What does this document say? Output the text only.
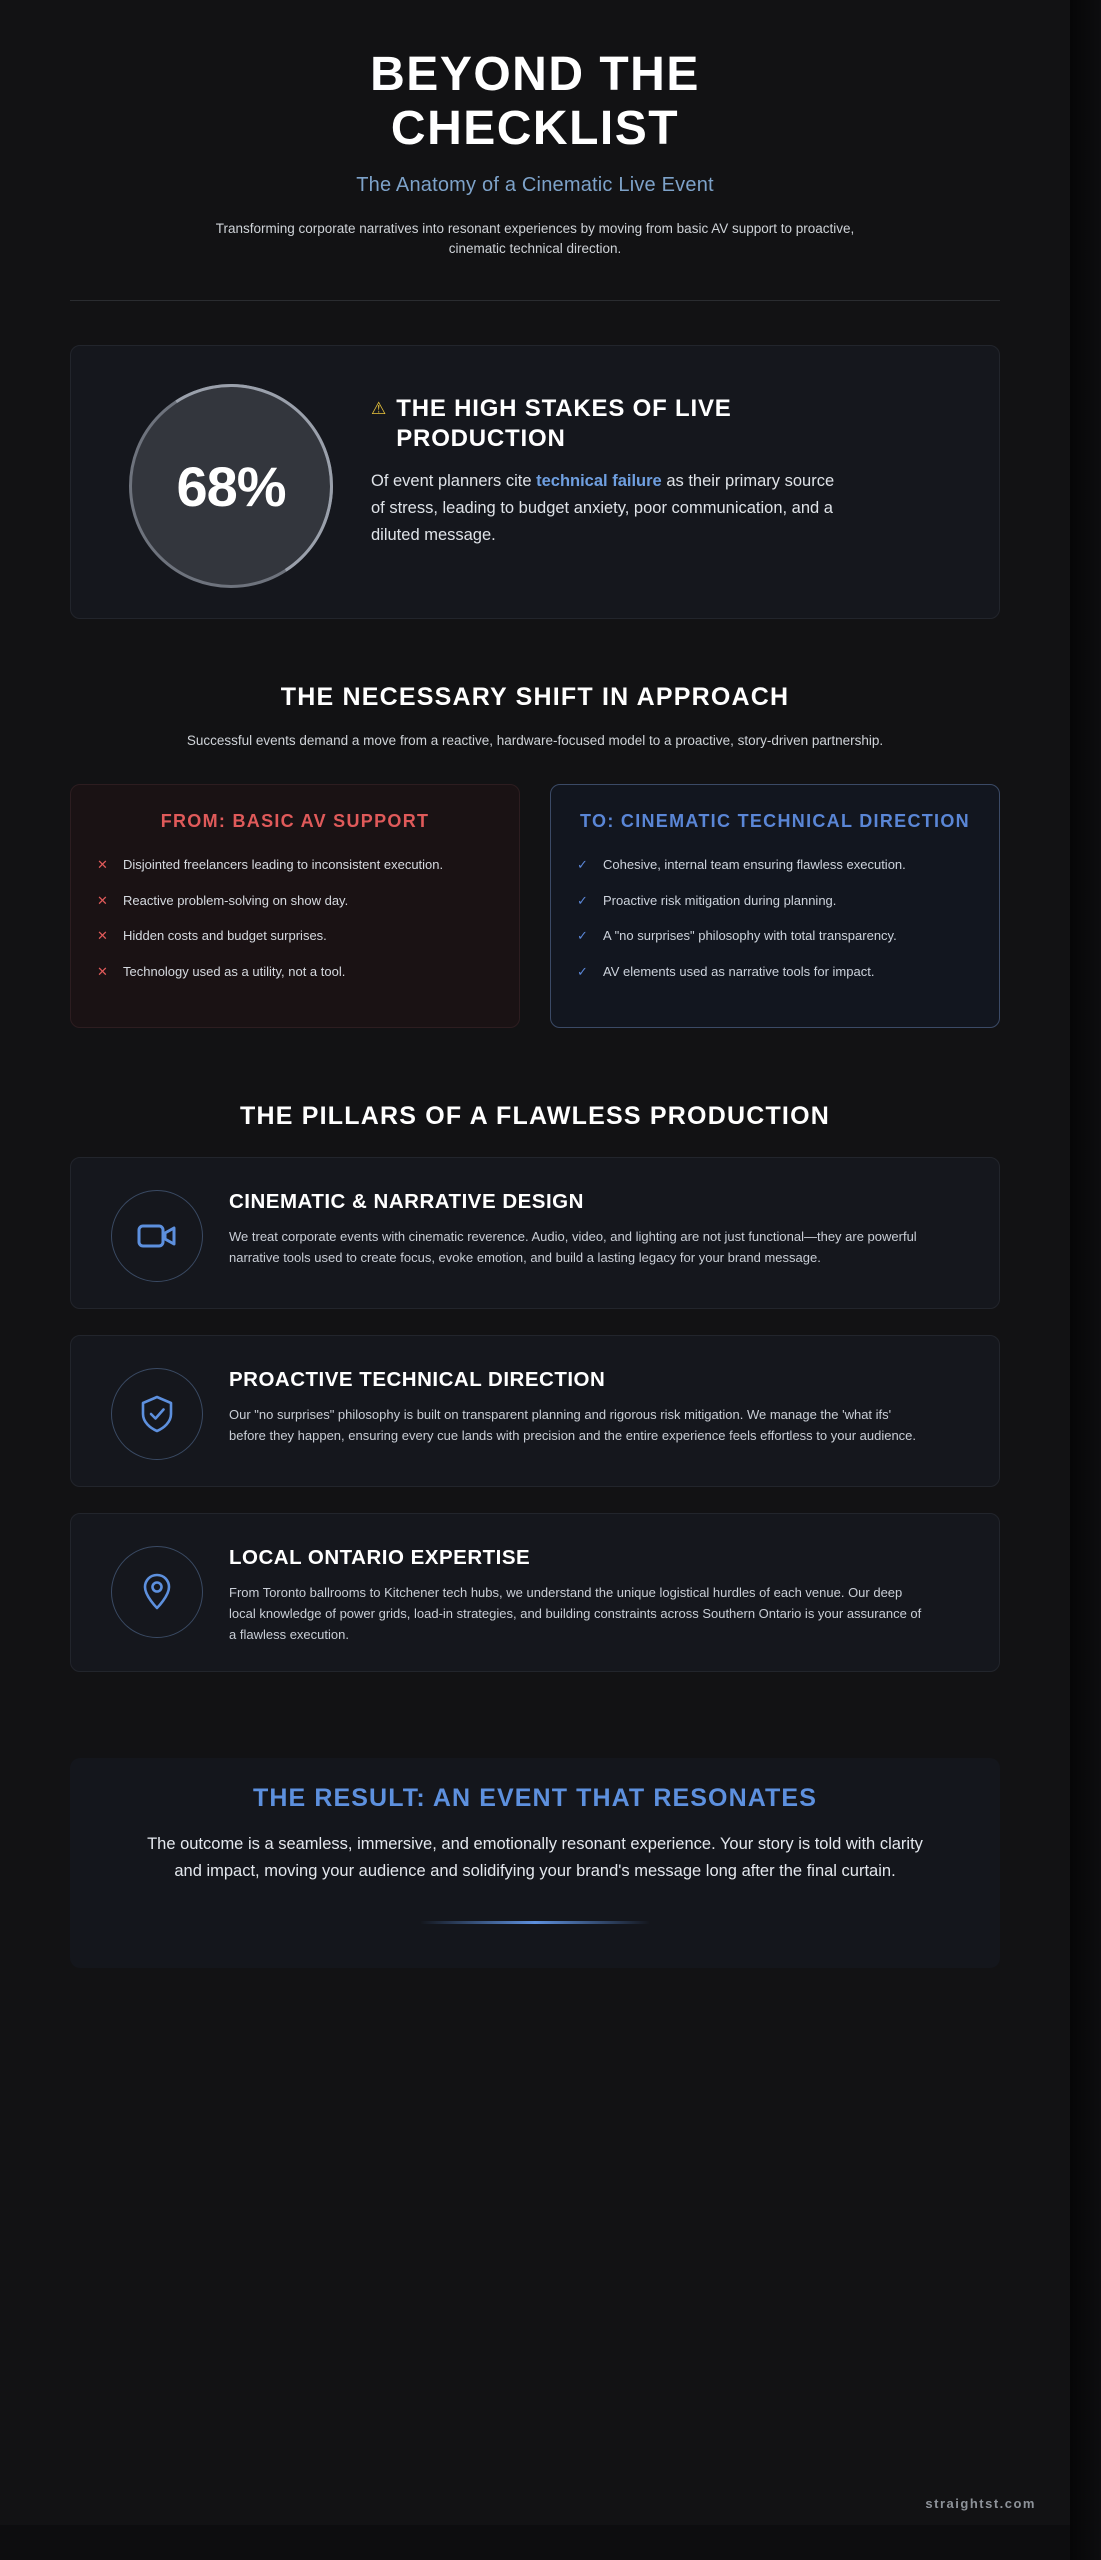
BEYOND THE CHECKLIST
The Anatomy of a Cinematic Live Event
Transforming corporate narratives into resonant experiences by moving from basic AV support to proactive, cinematic technical direction.
68%
⚠ THE HIGH STAKES OF LIVE PRODUCTION
Of event planners cite technical failure as their primary source of stress, leading to budget anxiety, poor communication, and a diluted message.
THE NECESSARY SHIFT IN APPROACH
Successful events demand a move from a reactive, hardware-focused model to a proactive, story-driven partnership.
FROM: BASIC AV SUPPORT
✕ Disjointed freelancers leading to inconsistent execution.
✕ Reactive problem-solving on show day.
✕ Hidden costs and budget surprises.
✕ Technology used as a utility, not a tool.
TO: CINEMATIC TECHNICAL DIRECTION
✓ Cohesive, internal team ensuring flawless execution.
✓ Proactive risk mitigation during planning.
✓ A "no surprises" philosophy with total transparency.
✓ AV elements used as narrative tools for impact.
THE PILLARS OF A FLAWLESS PRODUCTION
CINEMATIC & NARRATIVE DESIGN
We treat corporate events with cinematic reverence. Audio, video, and lighting are not just functional—they are powerful narrative tools used to create focus, evoke emotion, and build a lasting legacy for your brand message.
PROACTIVE TECHNICAL DIRECTION
Our "no surprises" philosophy is built on transparent planning and rigorous risk mitigation. We manage the 'what ifs' before they happen, ensuring every cue lands with precision and the entire experience feels effortless to your audience.
LOCAL ONTARIO EXPERTISE
From Toronto ballrooms to Kitchener tech hubs, we understand the unique logistical hurdles of each venue. Our deep local knowledge of power grids, load-in strategies, and building constraints across Southern Ontario is your assurance of a flawless execution.
THE RESULT: AN EVENT THAT RESONATES
The outcome is a seamless, immersive, and emotionally resonant experience. Your story is told with clarity and impact, moving your audience and solidifying your brand's message long after the final curtain.
straightst.com
